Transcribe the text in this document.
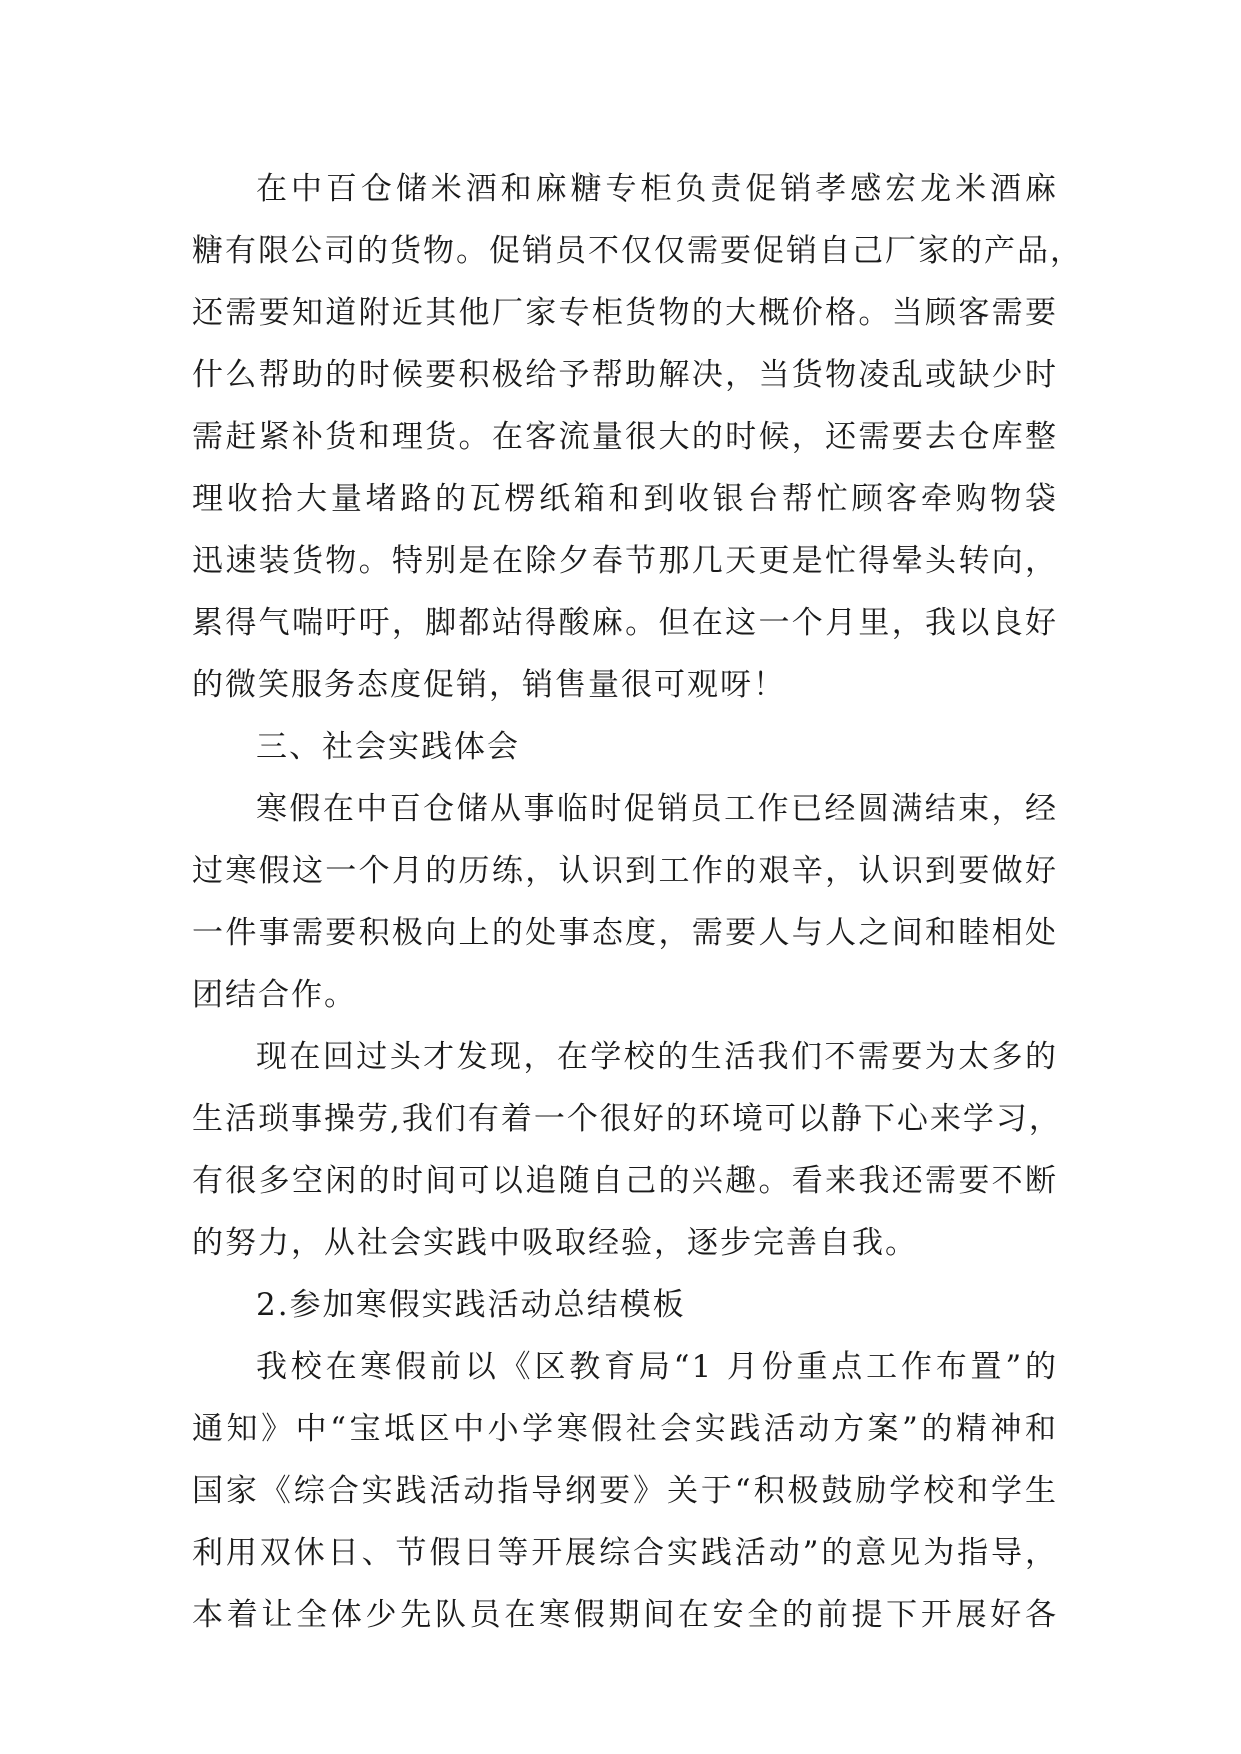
在中百仓储米酒和麻糖专柜负责促销孝感宏龙米酒麻
糖有限公司的货物。促销员不仅仅需要促销自己厂家的产品，
还需要知道附近其他厂家专柜货物的大概价格。当顾客需要
什么帮助的时候要积极给予帮助解决，当货物凌乱或缺少时
需赶紧补货和理货。在客流量很大的时候，还需要去仓库整
理收拾大量堵路的瓦楞纸箱和到收银台帮忙顾客牵购物袋
迅速装货物。特别是在除夕春节那几天更是忙得晕头转向，
累得气喘吁吁，脚都站得酸麻。但在这一个月里，我以良好
的微笑服务态度促销，销售量很可观呀！
三、社会实践体会
寒假在中百仓储从事临时促销员工作已经圆满结束，经
过寒假这一个月的历练，认识到工作的艰辛，认识到要做好
一件事需要积极向上的处事态度，需要人与人之间和睦相处
团结合作。
现在回过头才发现，在学校的生活我们不需要为太多的
生活琐事操劳,我们有着一个很好的环境可以静下心来学习，
有很多空闲的时间可以追随自己的兴趣。看来我还需要不断
的努力，从社会实践中吸取经验，逐步完善自我。
2.参加寒假实践活动总结模板
我校在寒假前以《区教育局“1 月份重点工作布置”的
通知》中“宝坻区中小学寒假社会实践活动方案”的精神和
国家《综合实践活动指导纲要》关于“积极鼓励学校和学生
利用双休日、节假日等开展综合实践活动”的意见为指导，
本着让全体少先队员在寒假期间在安全的前提下开展好各
